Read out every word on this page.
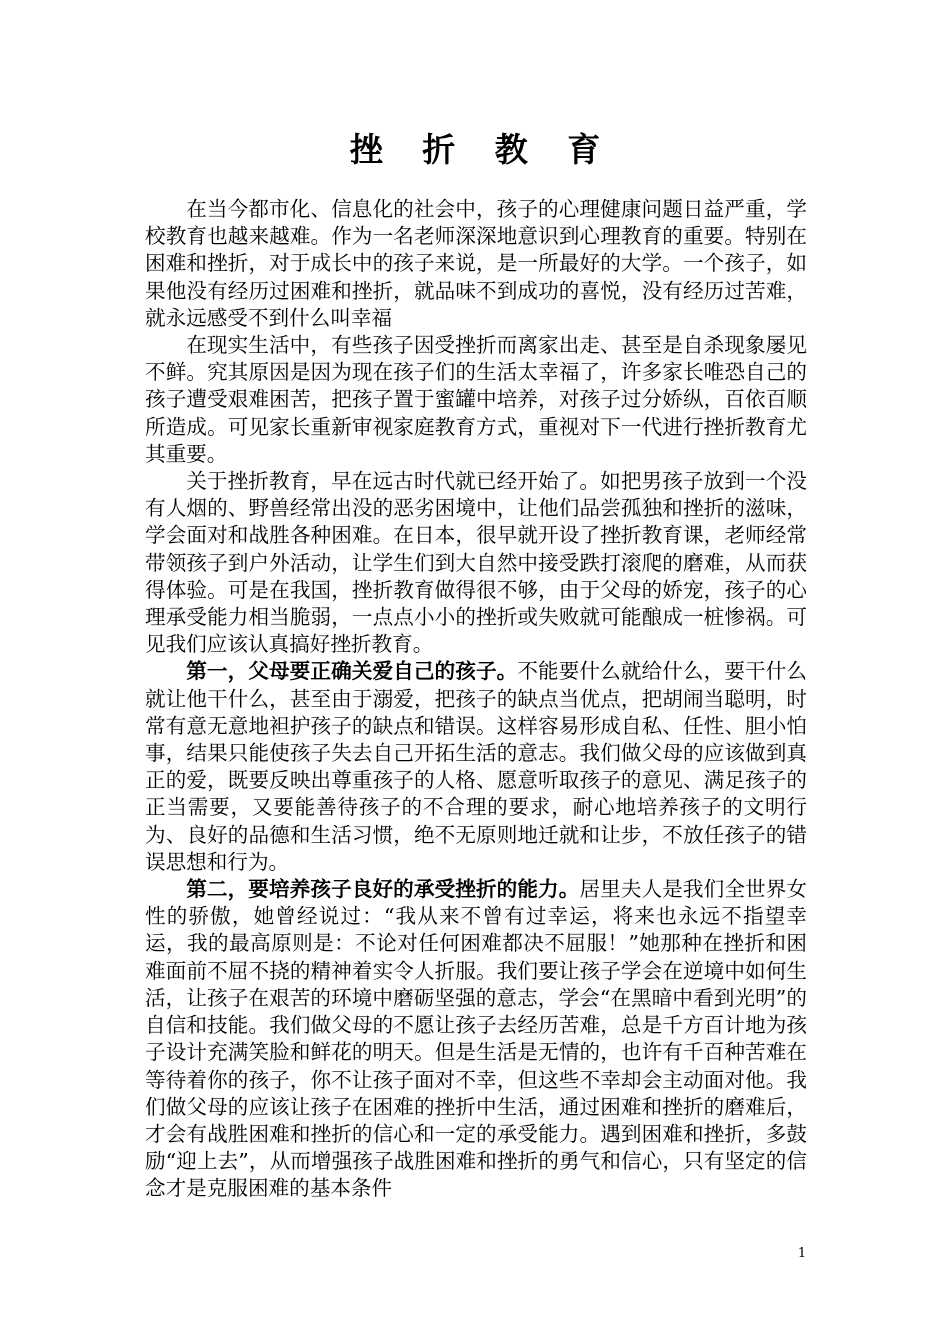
挫 折 教 育

在当今都市化、信息化的社会中，孩子的心理健康问题日益严重，学校教育也越来越难。作为一名老师深深地意识到心理教育的重要。特别在困难和挫折，对于成长中的孩子来说，是一所最好的大学。一个孩子，如果他没有经历过困难和挫折，就品味不到成功的喜悦，没有经历过苦难，就永远感受不到什么叫幸福

在现实生活中，有些孩子因受挫折而离家出走、甚至是自杀现象屡见不鲜。究其原因是因为现在孩子们的生活太幸福了，许多家长唯恐自己的孩子遭受艰难困苦，把孩子置于蜜罐中培养，对孩子过分娇纵，百依百顺所造成。可见家长重新审视家庭教育方式，重视对下一代进行挫折教育尤其重要。

关于挫折教育，早在远古时代就已经开始了。如把男孩子放到一个没有人烟的、野兽经常出没的恶劣困境中，让他们品尝孤独和挫折的滋味，学会面对和战胜各种困难。在日本，很早就开设了挫折教育课，老师经常带领孩子到户外活动，让学生们到大自然中接受跌打滚爬的磨难，从而获得体验。可是在我国，挫折教育做得很不够，由于父母的娇宠，孩子的心理承受能力相当脆弱，一点点小小的挫折或失败就可能酿成一桩惨祸。可见我们应该认真搞好挫折教育。

第一，父母要正确关爱自己的孩子。不能要什么就给什么，要干什么就让他干什么，甚至由于溺爱，把孩子的缺点当优点，把胡闹当聪明，时常有意无意地袒护孩子的缺点和错误。这样容易形成自私、任性、胆小怕事，结果只能使孩子失去自己开拓生活的意志。我们做父母的应该做到真正的爱，既要反映出尊重孩子的人格、愿意听取孩子的意见、满足孩子的正当需要，又要能善待孩子的不合理的要求，耐心地培养孩子的文明行为、良好的品德和生活习惯，绝不无原则地迁就和让步，不放任孩子的错误思想和行为。

第二，要培养孩子良好的承受挫折的能力。居里夫人是我们全世界女性的骄傲，她曾经说过：“我从来不曾有过幸运，将来也永远不指望幸运，我的最高原则是：不论对任何困难都决不屈服！”她那种在挫折和困难面前不屈不挠的精神着实令人折服。我们要让孩子学会在逆境中如何生活，让孩子在艰苦的环境中磨砺坚强的意志，学会“在黑暗中看到光明”的自信和技能。我们做父母的不愿让孩子去经历苦难，总是千方百计地为孩子设计充满笑脸和鲜花的明天。但是生活是无情的，也许有千百种苦难在等待着你的孩子，你不让孩子面对不幸，但这些不幸却会主动面对他。我们做父母的应该让孩子在困难的挫折中生活，通过困难和挫折的磨难后，才会有战胜困难和挫折的信心和一定的承受能力。遇到困难和挫折，多鼓励“迎上去”，从而增强孩子战胜困难和挫折的勇气和信心，只有坚定的信念才是克服困难的基本条件

1
